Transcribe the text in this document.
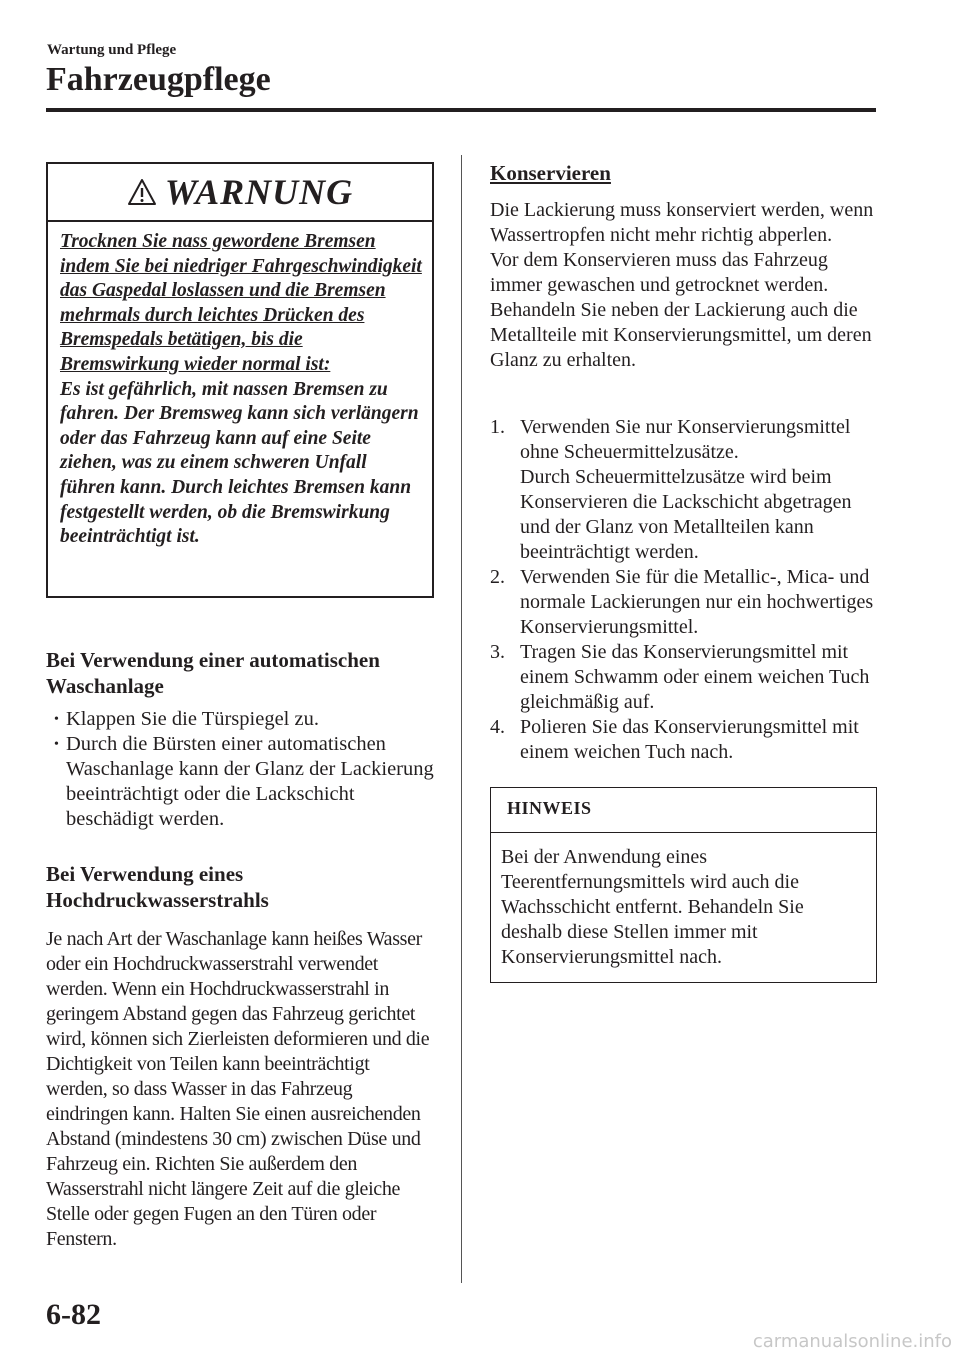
Wartung und Pflege
Fahrzeugpflege
WARNUNG

Trocknen Sie nass gewordene Bremsen indem Sie bei niedriger Fahrgeschwindigkeit das Gaspedal loslassen und die Bremsen mehrmals durch leichtes Drücken des Bremspedals betätigen, bis die Bremswirkung wieder normal ist:

Es ist gefährlich, mit nassen Bremsen zu fahren. Der Bremsweg kann sich verlängern oder das Fahrzeug kann auf eine Seite ziehen, was zu einem schweren Unfall führen kann. Durch leichtes Bremsen kann festgestellt werden, ob die Bremswirkung beeinträchtigt ist.

Bei Verwendung einer automatischen Waschanlage
• Klappen Sie die Türspiegel zu.
• Durch die Bürsten einer automatischen Waschanlage kann der Glanz der Lackierung beeinträchtigt oder die Lackschicht beschädigt werden.
Bei Verwendung eines Hochdruckwasserstrahls

Je nach Art der Waschanlage kann heißes Wasser oder ein Hochdruckwasserstrahl verwendet werden. Wenn ein Hochdruckwasserstrahl in geringem Abstand gegen das Fahrzeug gerichtet wird, können sich Zierleisten deformieren und die Dichtigkeit von Teilen kann beeinträchtigt werden, so dass Wasser in das Fahrzeug eindringen kann. Halten Sie einen ausreichenden Abstand (mindestens 30 cm) zwischen Düse und Fahrzeug ein. Richten Sie außerdem den Wasserstrahl nicht längere Zeit auf die gleiche Stelle oder gegen Fugen an den Türen oder Fenstern.

Konservieren

Die Lackierung muss konserviert werden, wenn Wassertropfen nicht mehr richtig abperlen.
Vor dem Konservieren muss das Fahrzeug immer gewaschen und getrocknet werden. Behandeln Sie neben der Lackierung auch die Metallteile mit Konservierungsmittel, um deren Glanz zu erhalten.

1. Verwenden Sie nur Konservierungsmittel ohne Scheuermittelzusätze.
Durch Scheuermittelzusätze wird beim Konservieren die Lackschicht abgetragen und der Glanz von Metallteilen kann beeinträchtigt werden.
2. Verwenden Sie für die Metallic-, Mica- und normale Lackierungen nur ein hochwertiges Konservierungsmittel.
3. Tragen Sie das Konservierungsmittel mit einem Schwamm oder einem weichen Tuch gleichmäßig auf.
4. Polieren Sie das Konservierungsmittel mit einem weichen Tuch nach.
HINWEIS
Bei der Anwendung eines Teerentfernungsmittels wird auch die Wachsschicht entfernt. Behandeln Sie deshalb diese Stellen immer mit Konservierungsmittel nach.
6-82
carmanualsonline.info
